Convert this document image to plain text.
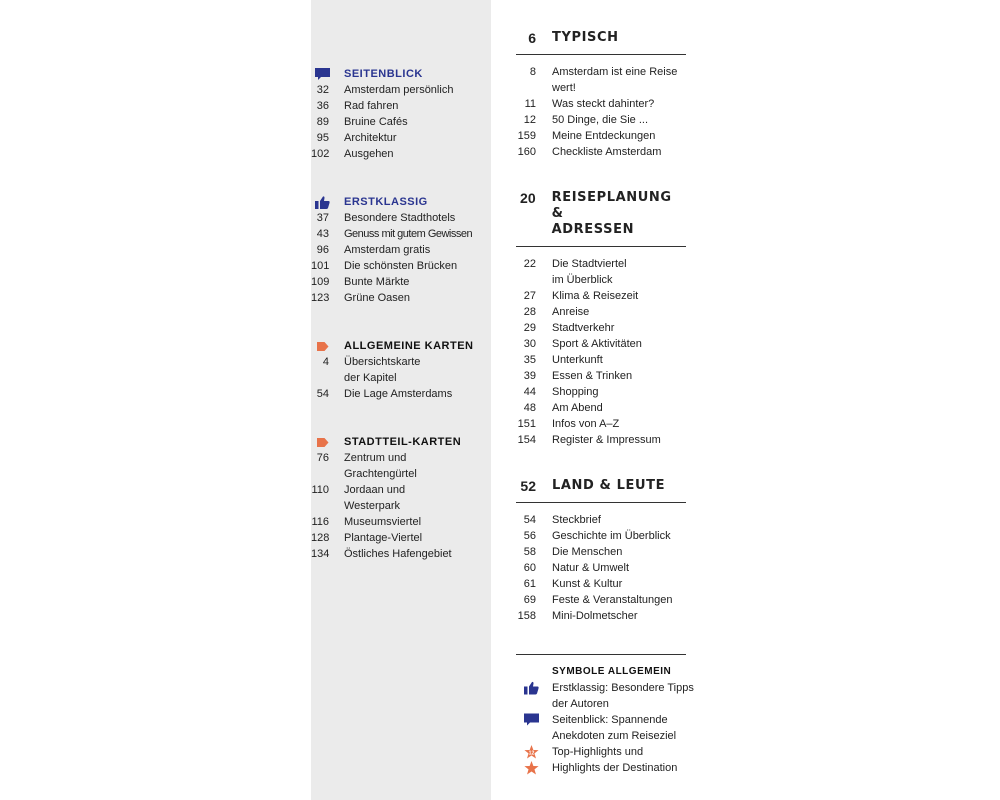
SEITENBLICK
32 Amsterdam persönlich
36 Rad fahren
89 Bruine Cafés
95 Architektur
102 Ausgehen
ERSTKLASSIG
37 Besondere Stadthotels
43 Genuss mit gutem Gewissen
96 Amsterdam gratis
101 Die schönsten Brücken
109 Bunte Märkte
123 Grüne Oasen
ALLGEMEINE KARTEN
4 Übersichtskarte
der Kapitel
54 Die Lage Amsterdams
STADTTEIL-KARTEN
76 Zentrum und
Grachtengürtel
110 Jordaan und
Westerpark
116 Museumsviertel
128 Plantage-Viertel
134 Östliches Hafengebiet
6 TYPISCH
8 Amsterdam ist eine Reise
wert!
11 Was steckt dahinter?
12 50 Dinge, die Sie ...
159 Meine Entdeckungen
160 Checkliste Amsterdam
20 REISEPLANUNG &
ADRESSEN
22 Die Stadtviertel
im Überblick
27 Klima & Reisezeit
28 Anreise
29 Stadtverkehr
30 Sport & Aktivitäten
35 Unterkunft
39 Essen & Trinken
44 Shopping
48 Am Abend
151 Infos von A–Z
154 Register & Impressum
52 LAND & LEUTE
54 Steckbrief
56 Geschichte im Überblick
58 Die Menschen
60 Natur & Umwelt
61 Kunst & Kultur
69 Feste & Veranstaltungen
158 Mini-Dolmetscher
SYMBOLE ALLGEMEIN
Erstklassig: Besondere Tipps
der Autoren
Seitenblick: Spannende
Anekdoten zum Reiseziel
12 Top-Highlights und
Highlights der Destination
